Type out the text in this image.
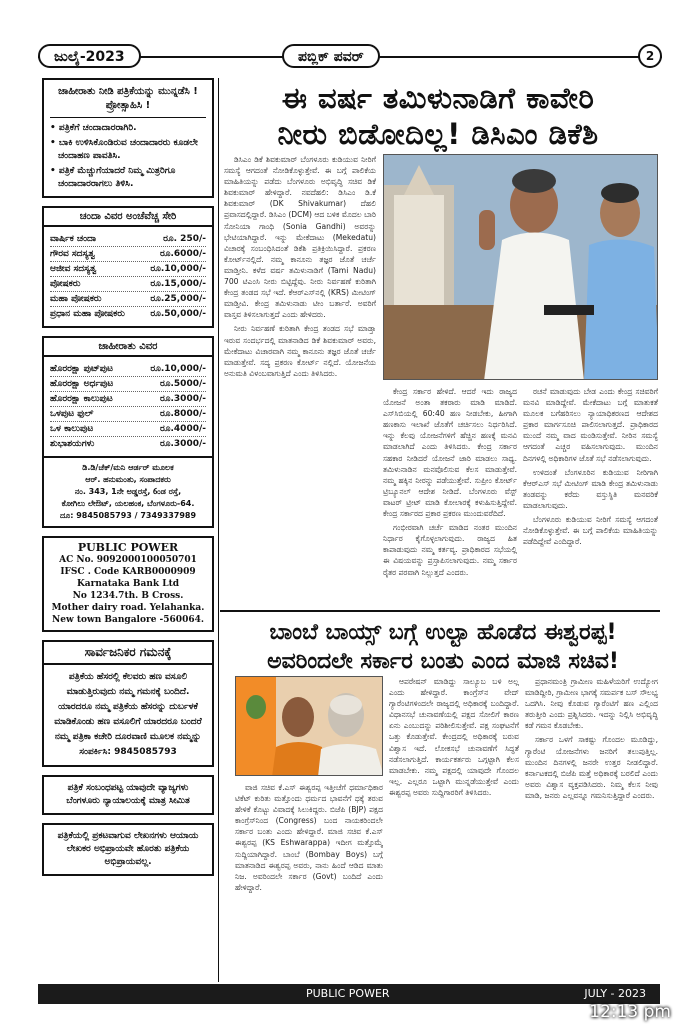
ಜುಲೈ-2023	ಪಬ್ಲಿಕ್ ಪವರ್	2
ಜಾಹೀರಾತು ನೀಡಿ ಪತ್ರಿಕೆಯನ್ನು ಮುನ್ನಡೆಸಿ ! ಪ್ರೋತ್ಸಾಹಿಸಿ !
• ಪತ್ರಿಕೆಗೆ ಚಂದಾದಾರರಾಗಿರಿ.
• ಬಾಕಿ ಉಳಿಸಿಕೊಂಡಿರುವ ಚಂದಾದಾರರು ಕೂಡಲೇ ಚಂದಾಹಣ ಪಾವತಿಸಿ.
• ಪತ್ರಿಕೆ ಮೆಚ್ಚುಗೆಯಾದರೆ ನಿಮ್ಮ ಮಿತ್ರರಿಗೂ ಚಂದಾದಾರರಾಗಲು ತಿಳಿಸಿ.
ಚಂದಾ ವಿವರ ಅಂಚೆವೆಚ್ಚ ಸೇರಿ
ವಾರ್ಷಿಕ ಚಂದಾ	ರೂ. 250/-
ಗೌರವ ಸದಸ್ಯತ್ವ	ರೂ.6000/-
ಆಜೀವ ಸದಸ್ಯತ್ವ	ರೂ.10,000/-
ಪೋಷಕರು	ರೂ.15,000/-
ಮಹಾ ಪೋಷಕರು	ರೂ.25,000/-
ಪ್ರಧಾನ ಮಹಾ ಪೋಷಕರು	ರೂ.50,000/-
ಜಾಹೀರಾತು ವಿವರ
ಹೊರರಕ್ಷಾ ಪುಟ್‌ಪುಟ	ರೂ.10,000/-
ಹೊರರಕ್ಷಾ ಅರ್ಧಪುಟ	ರೂ.5000/-
ಹೊರರಕ್ಷಾ ಕಾಲುಪುಟ	ರೂ.3000/-
ಒಳಪುಟ ಫುಲ್	ರೂ.8000/-
ಒಳ ಕಾಲುಪುಟ	ರೂ.4000/-
ಶುಭಾಶಯಗಳು	ರೂ.3000/-
ಡಿ.ಡಿ/ಚೆಕ್/ಮನಿ ಆರ್ಡರ್ ಮೂಲಕ
ಆರ್. ಹನುಮಂತು, ಸಂಪಾದಕರು
ನಂ. 343, 1ನೇ ಅಡ್ಡರಸ್ತೆ, 6ಂಡ ರಸ್ತೆ,
ಕೋಗಿಲು ಲೇಔಟ್, ಯಲಹಂಕ, ಬೆಂಗಳೂರು-64.
ದೂ: 9845085793 / 7349337989
PUBLIC POWER
AC No. 9092000100050701
IFSC . Code KARB0000909
Karnataka Bank Ltd
No 1234.7th. B Cross.
Mother dairy road. Yelahanka.
New town Bangalore -560064.
ಸಾರ್ವಜನಿಕರ ಗಮನಕ್ಕೆ
ಪತ್ರಿಕೆಯ ಹೆಸರಲ್ಲಿ ಕೆಲವರು ಹಣ ವಸೂಲಿ ಮಾಡುತ್ತಿರುವುದು ನಮ್ಮ ಗಮನಕ್ಕೆ ಬಂದಿದೆ. ಯಾರದರೂ ನಮ್ಮ ಪತ್ರಿಕೆಯ ಹೆಸರನ್ನು ದುರ್ಬಳಕೆ ಮಾಡಿಕೊಂಡು ಹಣ ವಸೂಲಿಗೆ ಯಾರದರೂ ಬಂದರೆ ನಮ್ಮ ಪತ್ರಿಕಾ ಕಚೇರಿ ದೂರವಾಣಿ ಮೂಲಕ ನಮ್ಮನ್ನು ಸಂಪರ್ಕಿಸಿ: 9845085793
ಪತ್ರಿಕೆ ಸಂಬಂಧಪಟ್ಟ ಯಾವುದೇ ವ್ಯಾಜ್ಯಗಳು ಬೆಂಗಳೂರು ನ್ಯಾಯಾಲಯಕ್ಕೆ ಮಾತ್ರ ಸೀಮಿತ
ಪತ್ರಿಕೆಯಲ್ಲಿ ಪ್ರಕಟವಾಗುವ ಲೇಖನಗಳು ಆಯಾಯ ಲೇಖಕರ ಅಭಿಪ್ರಾಯವೇ ಹೊರತು ಪತ್ರಿಕೆಯ ಅಭಿಪ್ರಾಯವಲ್ಲ.
ಈ ವರ್ಷ ತಮಿಳುನಾಡಿಗೆ ಕಾವೇರಿ
ನೀರು ಬಿಡೋದಿಲ್ಲ! ಡಿಸಿಎಂ ಡಿಕೆಶಿ

ಡಿಸಿಎಂ ಡಿಕೆ ಶಿವಕುಮಾರ್ ಬೆಂಗಳೂರು ಕುಡಿಯುವ ನೀರಿಗೆ ಸಮಸ್ಯೆ ಆಗದಂತೆ ನೋಡಿಕೊಳ್ಳುತ್ತೇವೆ. ಈ ಬಗ್ಗೆ ಪಾಲಿಕೆಯ ಮಾಹಿತಿಯನ್ನು ಪಡೆದು ಬೆಂಗಳೂರು ಅಭಿವೃದ್ಧಿ ಸಚಿವ ಡಿಕೆ ಶಿವಕುಮಾರ್ ಹೇಳಿದ್ದಾರೆ. ನವದೆಹಲಿ: ಡಿಸಿಎಂ ಡಿ.ಕೆ ಶಿವಕುಮಾರ್ (DK Shivakumar) ದೆಹಲಿ ಪ್ರವಾಸದಲ್ಲಿದ್ದಾರೆ. ಡಿಸಿಎಂ (DCM) ಆದ ಬಳಿಕ ಮೊದಲ ಬಾರಿ ಸೋನಿಯಾ ಗಾಂಧಿ (Sonia Gandhi) ಅವರನ್ನು ಭೇಟಿಯಾಗಿದ್ದಾರೆ. ಇನ್ನು ಮೇಕೆದಾಟು (Mekedatu) ವಿಚಾರಕ್ಕೆ ಸಂಬಂಧಿಸಿದಂತೆ ಡಿಕೆಶಿ ಪ್ರತಿಕ್ರಿಯಿಸಿದ್ದಾರೆ. ಪ್ರಕರಣ ಕೋರ್ಟ್‌ನಲ್ಲಿದೆ. ನಮ್ಮ ಕಾನೂನು ತಜ್ಞರ ಜೊತೆ ಚರ್ಚೆ ಮಾಡ್ತೀನಿ. ಕಳೆದ ವರ್ಷ ತಮಿಳುನಾಡಿಗೆ (Tami Nadu) 700 ಟಿಎಂಸಿ ನೀರು ಬಿಟ್ಟಿದ್ದೆವು. ನೀರು ನಿರ್ವಹಣೆ ಕುರಿತಾಗಿ ಕೇಂದ್ರ ತಂಡದ ಸಭೆ ಇದೆ. ಕೆಆರ್‌ಎಸ್‌ನಲ್ಲಿ (KRS) ಮೀಟಿಂಗ್ ಮಾಡ್ತೀವಿ. ಕೇಂದ್ರ ತಮಿಳುನಾಡು ಟೀಂ ಬರ್ತಾರೆ. ಅವರಿಗೆ ವಾಸ್ತವ ತಿಳಿಸಲಾಗುತ್ತದೆ ಎಂದು ಹೇಳಿದರು.

ನೀರು ನಿರ್ವಹಣೆ ಕುರಿತಾಗಿ ಕೇಂದ್ರ ತಂಡದ ಸಭೆ ಮಾಡ್ತಾ ಇರುವ ಸಂದರ್ಭದಲ್ಲಿ ಮಾತನಾಡಿದ ಡಿಕೆ ಶಿವಕುಮಾರ್ ಅವರು, ಮೇಕೆದಾಟು ವಿಚಾರವಾಗಿ ನಮ್ಮ ಕಾನೂನು ತಜ್ಞರ ಜೊತೆ ಚರ್ಚೆ ಮಾಡುತ್ತೇವೆ. ಸದ್ಯ ಪ್ರಕರಣ ಕೋರ್ಟ್ ನಲ್ಲಿದೆ. ಯೋಜನೆಯ ಅನುಮತಿ ವಿಳಂಬವಾಗುತ್ತಿದೆ ಎಂದು ತಿಳಿಸಿದರು.

ಕೇಂದ್ರ ಸರ್ಕಾರ ಹೇಳಿದೆ. ಆದರೆ ಇದು ರಾಜ್ಯದ ಯೋಜನೆ ಅಂತಾ ತಕರಾರು ಮಾಡಿ ಮಾಡಿದೆ. ಎಸ್‌ಸಿಬಿಯಲ್ಲಿ 60:40 ಹಣ ನೀಡಬೇಕು, ಹೀಗಾಗಿ ಹಣಕಾಸು ಇಲಾಖೆ ಜೊತೆಗೆ ಚರ್ಚಿಸಲು ನಿರ್ಧರಿಸಿದೆ. ಇನ್ನು ಕೆಲವು ಯೋಜನೆಗಳಿಗೆ ಹೆಚ್ಚಿನ ಹಣಕ್ಕೆ ಮನವಿ ಮಾಡಲಾಗಿದೆ ಎಂದು ತಿಳಿಸಿದರು. ಕೇಂದ್ರ ಸರ್ಕಾರ ಸಹಕಾರ ನೀಡಿದರೆ ಯೋಜನೆ ಜಾರಿ ಮಾಡಲು ಸಾಧ್ಯ. ತಮಿಳುನಾಡಿನ ಮನವೊಲಿಸುವ ಕೆಲಸ ಮಾಡುತ್ತೇವೆ. ನಮ್ಮ ಹಕ್ಕಿನ ನೀರನ್ನು ಪಡೆಯುತ್ತೇವೆ. ಸುಪ್ರೀಂ ಕೋರ್ಟ್ ಟ್ರಿಬ್ಯೂನಲ್ ಆದೇಶ ನೀಡಿದೆ. ಬೆಂಗಳೂರು ವೆಸ್ಟ್ ವಾಟರ್ ಟ್ರೀಟ್ ಮಾಡಿ ಕೋಲಾರಕ್ಕೆ ಕಳುಹಿಸುತ್ತಿದ್ದೇವೆ. ಕೇಂದ್ರ ಸರ್ಕಾರದ ಪ್ರಕಾರ ಪ್ರಕರಣ ಮುಂದುವರೆದಿದೆ.

ಗಂಭೀರವಾಗಿ ಚರ್ಚೆ ಮಾಡಿದ ನಂತರ ಮುಂದಿನ ನಿರ್ಧಾರ ಕೈಗೊಳ್ಳಲಾಗುವುದು. ರಾಜ್ಯದ ಹಿತ ಕಾಪಾಡುವುದು ನಮ್ಮ ಕರ್ತವ್ಯ. ಪ್ರಾಧಿಕಾರದ ಸಭೆಯಲ್ಲಿ ಈ ವಿಷಯವನ್ನು ಪ್ರಸ್ತಾಪಿಸಲಾಗುವುದು. ನಮ್ಮ ಸರ್ಕಾರ ರೈತರ ಪರವಾಗಿ ನಿಲ್ಲುತ್ತದೆ ಎಂದರು.

ರಚನೆ ಮಾಡುವುದು ಬೇಡ ಎಂದು ಕೇಂದ್ರ ಸಚಿವರಿಗೆ ಮನವಿ ಮಾಡಿದ್ದೇವೆ. ಮೇಕೆದಾಟು ಬಗ್ಗೆ ಮಾತುಕತೆ ಮೂಲಕ ಬಗೆಹರಿಸಲು ನ್ಯಾಯಾಧಿಕರಣದ ಆದೇಶದ ಪ್ರಕಾರ ಮಾರ್ಗಸೂಚಿ ಪಾಲಿಸಲಾಗುತ್ತದೆ. ಪ್ರಾಧಿಕಾರದ ಮುಂದೆ ನಮ್ಮ ವಾದ ಮಂಡಿಸುತ್ತೇವೆ. ನೀರಿನ ಸಮಸ್ಯೆ ಆಗದಂತೆ ಎಚ್ಚರ ವಹಿಸಲಾಗುವುದು. ಮುಂದಿನ ದಿನಗಳಲ್ಲಿ ಅಧಿಕಾರಿಗಳ ಜೊತೆ ಸಭೆ ನಡೆಸಲಾಗುವುದು.

ಉಳಿದಂತೆ ಬೆಂಗಳೂರಿನ ಕುಡಿಯುವ ನೀರಿಗಾಗಿ ಕೆಆರ್‌ಎಸ್ ಸಭೆ ಮೀಟಿಂಗ್ ಮಾಡಿ ಕೇಂದ್ರ ತಮಿಳುನಾಡು ತಂಡವನ್ನು ಕರೆದು ವಸ್ತುಸ್ಥಿತಿ ಮನವರಿಕೆ ಮಾಡಲಾಗುವುದು.

ಬೆಂಗಳೂರು ಕುಡಿಯುವ ನೀರಿಗೆ ಸಮಸ್ಯೆ ಆಗದಂತೆ ನೋಡಿಕೊಳ್ಳುತ್ತೇವೆ. ಈ ಬಗ್ಗೆ ಪಾಲಿಕೆಯ ಮಾಹಿತಿಯನ್ನು ಪಡೆದಿದ್ದೇವೆ ಎಂದಿದ್ದಾರೆ.

ಬಾಂಬೆ ಬಾಯ್ಸ್ ಬಗ್ಗೆ ಉಲ್ಟಾ ಹೊಡೆದ ಈಶ್ವರಪ್ಪ!
ಅವರಿಂದಲೇ ಸರ್ಕಾರ ಬಂತು ಎಂದ ಮಾಜಿ ಸಚಿವ!

ವಾಜಿ ಸಚಿವ ಕೆ.ಎಸ್ ಈಶ್ವರಪ್ಪ ಇತ್ತೀಚೆಗೆ ಧರ್ಮಾಧಿಕಾರ ಟಿಕೆಟ್ ಕುರಿತು ಮತ್ತೊಂದು ಧರ್ಮದ ಭಾವನೆಗೆ ಧಕ್ಕೆ ತರುವ ಹೇಳಿಕೆ ಕೊಟ್ಟು ವಿವಾದಕ್ಕೆ ಸಿಲುಕಿದ್ದರು. ಬಿಜೆಪಿ (BJP) ಪಕ್ಷದ ಕಾಂಗ್ರೆಸ್‌ನಿಂದ (Congress) ಬಂದ ನಾಯಕರಿಂದಲೇ ಸರ್ಕಾರ ಬಂತು ಎಂದು ಹೇಳಿದ್ದಾರೆ. ಮಾಜಿ ಸಚಿವ ಕೆ.ಎಸ್ ಈಶ್ವರಪ್ಪ (KS Eshwarappa) ಇದೀಗ ಮತ್ತೊಮ್ಮೆ ಸುದ್ದಿಯಾಗಿದ್ದಾರೆ. ಬಾಂಬೆ (Bombay Boys) ಬಗ್ಗೆ ಮಾತನಾಡಿದ ಈಶ್ವರಪ್ಪ ಅವರು, ನಾನು ಹಿಂದೆ ಆಡಿದ ಮಾತು ನಿಜ. ಅವರಿಂದಲೇ ಸರ್ಕಾರ (Govt) ಬಂದಿದೆ ಎಂದು ಹೇಳಿದ್ದಾರೆ.

ಆಪರೇಷನ್ ಮಾಡಿದ್ದು ಸಾಲ್ಯೂಬ ಬಳಿ ಅಲ್ಲ ಎಂದು ಹೇಳಿದ್ದಾರೆ. ಕಾಂಗ್ರೆಸ್‌ನ ವೇದ್ ಗ್ಯಾರೆಂಟಿಗಳಿಂದಲೇ ರಾಜ್ಯದಲ್ಲಿ ಅಧಿಕಾರಕ್ಕೆ ಬಂದಿದ್ದಾರೆ. ವಿಧಾನಸಭೆ ಚುನಾವಣೆಯಲ್ಲಿ ಪಕ್ಷದ ಸೋಲಿಗೆ ಕಾರಣ ಏನು ಎಂಬುದನ್ನು ಪರಿಶೀಲಿಸುತ್ತೇವೆ. ಪಕ್ಷ ಸಂಘಟನೆಗೆ ಒತ್ತು ಕೊಡುತ್ತೇವೆ. ಕೇಂದ್ರದಲ್ಲಿ ಅಧಿಕಾರಕ್ಕೆ ಬರುವ ವಿಶ್ವಾಸ ಇದೆ. ಲೋಕಸಭೆ ಚುನಾವಣೆಗೆ ಸಿದ್ಧತೆ ನಡೆಸಲಾಗುತ್ತಿದೆ. ಕಾರ್ಯಕರ್ತರು ಒಗ್ಗಟ್ಟಾಗಿ ಕೆಲಸ ಮಾಡಬೇಕು. ನಮ್ಮ ಪಕ್ಷದಲ್ಲಿ ಯಾವುದೇ ಗೊಂದಲ ಇಲ್ಲ. ಎಲ್ಲರೂ ಒಟ್ಟಾಗಿ ಮುನ್ನಡೆಯುತ್ತೇವೆ ಎಂದು ಈಶ್ವರಪ್ಪ ಅವರು ಸುದ್ದಿಗಾರರಿಗೆ ತಿಳಿಸಿದರು.

ಪ್ರಧಾನಮಂತ್ರಿ ಗ್ರಾಮೀಣ ಮಹಿಳೆಯರಿಗೆ ಉದ್ಯೋಗ ಮಾಡಿದ್ದೀರಿ, ಗ್ರಾಮೀಣ ಭಾಗಕ್ಕೆ ಸಮರ್ಪಕ ಬಸ್ ಸೌಲಭ್ಯ ಒದಗಿಸಿ. ನೀವು ಕೊಡುವ ಗ್ಯಾರೆಂಟಿಗೆ ಹಣ ಎಲ್ಲಿಂದ ತರುತ್ತೀರಿ ಎಂದು ಪ್ರಶ್ನಿಸಿದರು. ಇದನ್ನು ನಿಲ್ಲಿಸಿ ಅಭಿವೃದ್ಧಿ ಕಡೆ ಗಮನ ಕೊಡಬೇಕು.

ಸರ್ಕಾರ ಒಳಗೆ ಸಾಕಷ್ಟು ಗೊಂದಲ ಮೂಡಿದ್ದು, ಗ್ಯಾರೆಂಟಿ ಯೋಜನೆಗಳು ಜನರಿಗೆ ತಲುಪುತ್ತಿಲ್ಲ. ಮುಂದಿನ ದಿನಗಳಲ್ಲಿ ಜನರೇ ಉತ್ತರ ನೀಡಲಿದ್ದಾರೆ. ಕರ್ನಾಟಕದಲ್ಲಿ ಬಿಜೆಪಿ ಮತ್ತೆ ಅಧಿಕಾರಕ್ಕೆ ಬರಲಿದೆ ಎಂದು ಅವರು ವಿಶ್ವಾಸ ವ್ಯಕ್ತಪಡಿಸಿದರು. ನಿಮ್ಮ ಕೆಲಸ ನೀವು ಮಾಡಿ, ಜನರು ಎಲ್ಲವನ್ನೂ ಗಮನಿಸುತ್ತಿದ್ದಾರೆ ಎಂದರು.

PUBLIC POWER	JULY - 2023
12:13 pm
